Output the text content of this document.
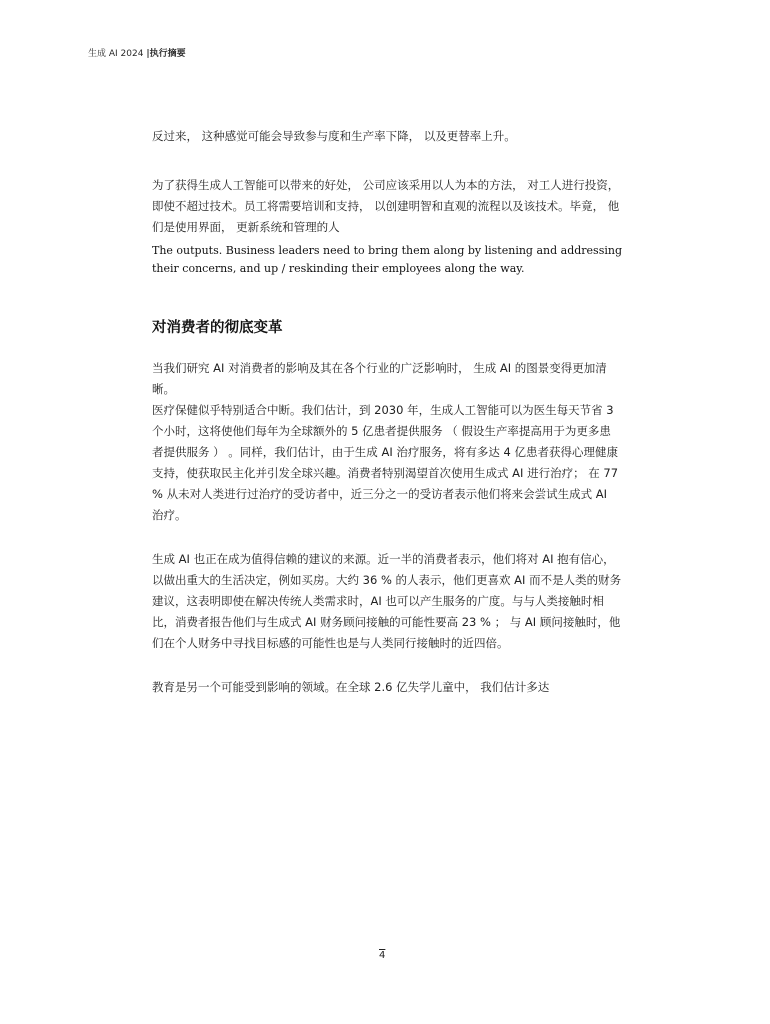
生成 AI 2024 |执行摘要

反过来， 这种感觉可能会导致参与度和生产率下降， 以及更替率上升。

为了获得生成人工智能可以带来的好处， 公司应该采用以人为本的方法， 对工人进行投资， 即使不超过技术。员工将需要培训和支持， 以创建明智和直观的流程以及该技术。毕竟， 他们是使用界面， 更新系统和管理的人

The outputs. Business leaders need to bring them along by listening and addressing their concerns, and up / reskinding their employees along the way.

对消费者的彻底变革

当我们研究 AI 对消费者的影响及其在各个行业的广泛影响时， 生成 AI 的图景变得更加清晰。

医疗保健似乎特别适合中断。我们估计，到 2030 年，生成人工智能可以为医生每天节省 3 个小时，这将使他们每年为全球额外的 5 亿患者提供服务 （ 假设生产率提高用于为更多患者提供服务 ） 。同样，我们估计，由于生成 AI 治疗服务，将有多达 4 亿患者获得心理健康支持，使获取民主化并引发全球兴趣。消费者特别渴望首次使用生成式 AI 进行治疗； 在 77 % 从未对人类进行过治疗的受访者中，近三分之一的受访者表示他们将来会尝试生成式 AI 治疗。

生成 AI 也正在成为值得信赖的建议的来源。近一半的消费者表示，他们将对 AI 抱有信心，以做出重大的生活决定，例如买房。大约 36 % 的人表示，他们更喜欢 AI 而不是人类的财务建议，这表明即使在解决传统人类需求时，AI 也可以产生服务的广度。与与人类接触时相比，消费者报告他们与生成式 AI 财务顾问接触的可能性要高 23 % ； 与 AI 顾问接触时，他们在个人财务中寻找目标感的可能性也是与人类同行接触时的近四倍。

教育是另一个可能受到影响的领域。在全球 2.6 亿失学儿童中， 我们估计多达

4
